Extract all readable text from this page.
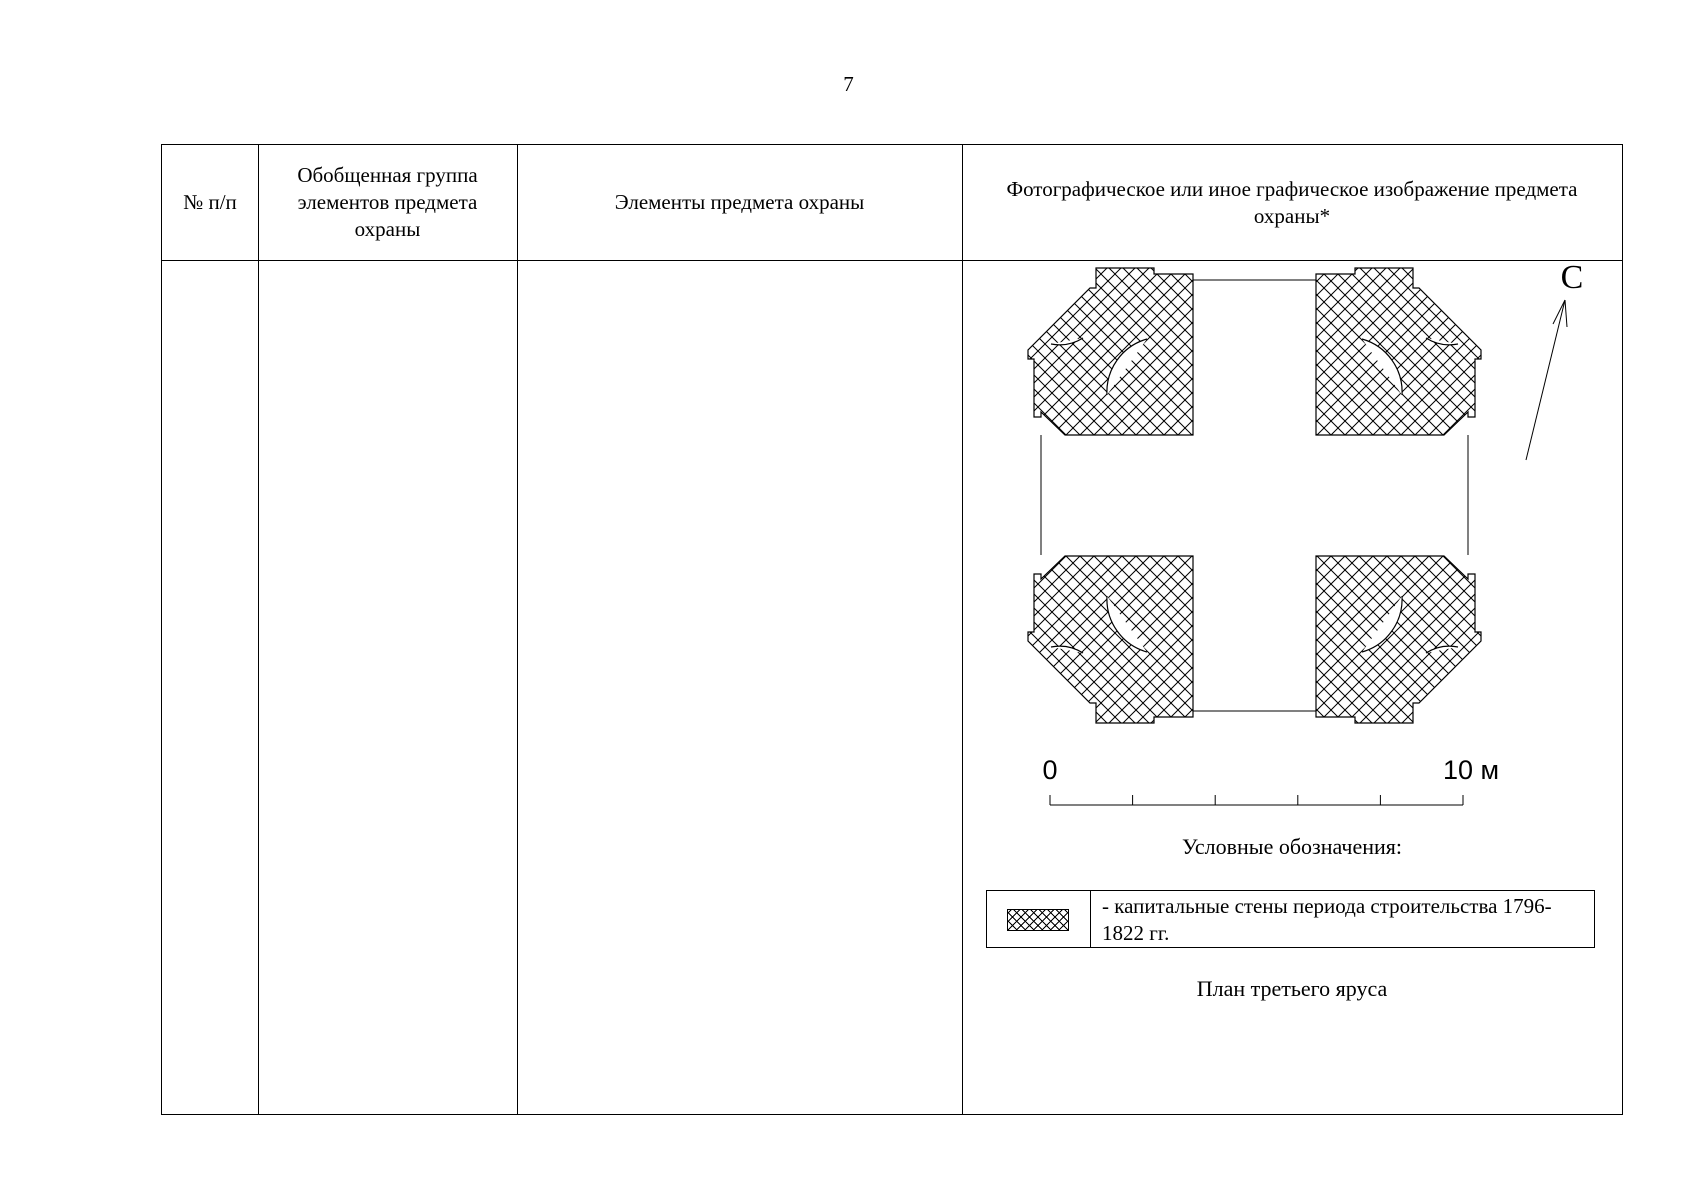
7
№ п/п
Обобщенная группа элементов предмета охраны
Элементы предмета охраны
Фотографическое или иное графическое изображение предмета охраны*
С
0	10 м
Условные обозначения:
- капитальные стены периода строительства 1796-1822 гг.
План третьего яруса
